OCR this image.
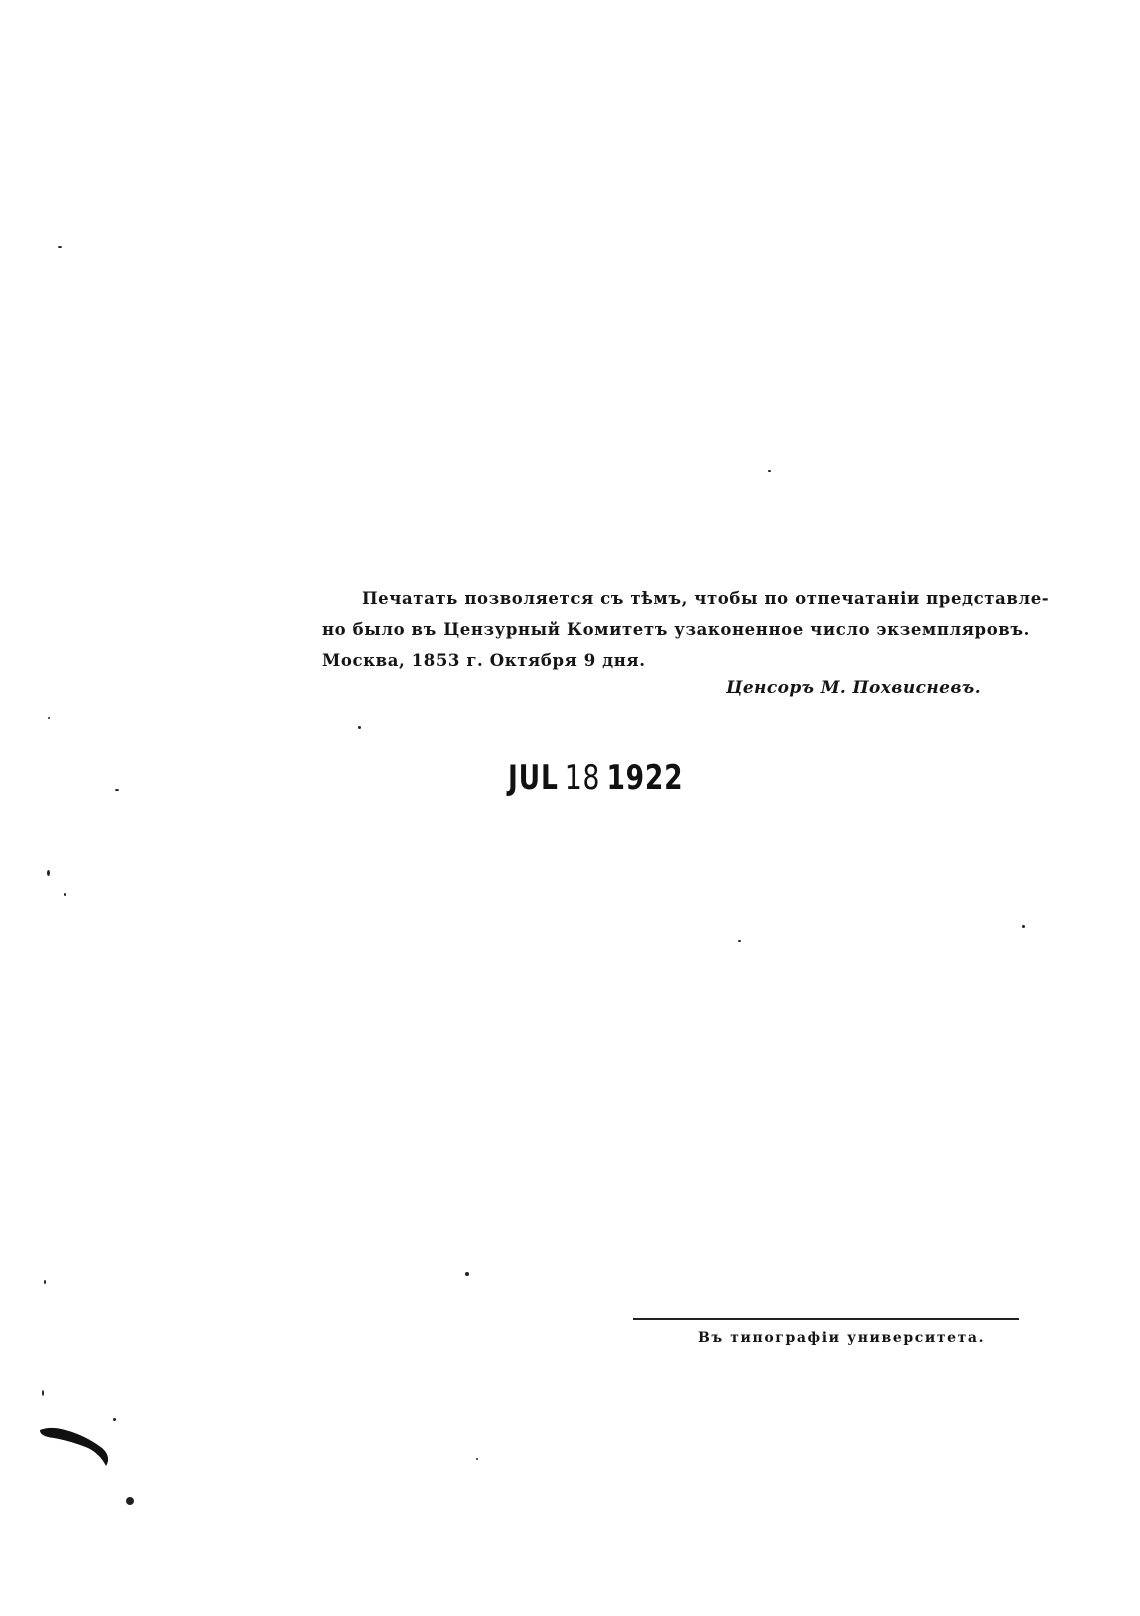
Печатать позволяется съ тѣмъ, чтобы по отпечатаніи представле-
но было въ Цензурный Комитетъ узаконенное число экземпляровъ.
Москва, 1853 г. Октября 9 дня.
Ценсоръ М. Похвисневъ.
JUL 18 1922
Въ типографіи университета.
